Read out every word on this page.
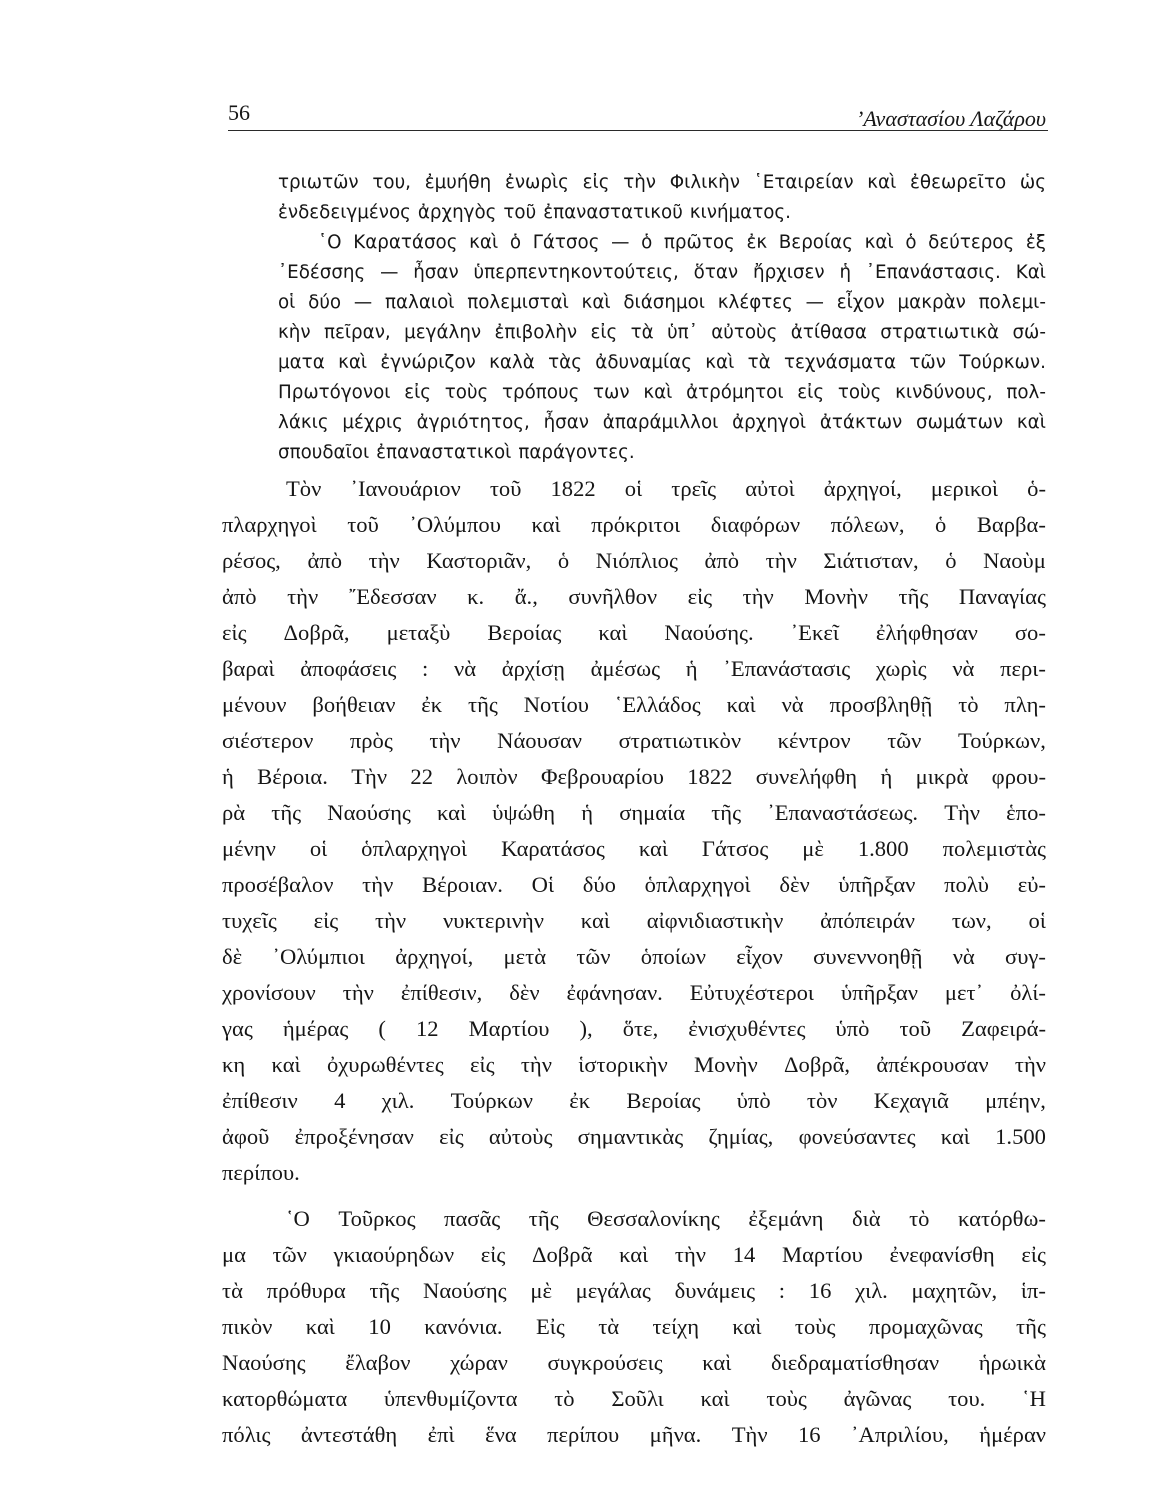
56	’Αναστασίου Λαζάρου
τριωτῶν του, ἐμυήθη ἐνωρὶς εἰς τὴν Φιλικὴν ῾Εταιρείαν καὶ ἐθεωρεῖτο ὡς
ἐνδεδειγμένος ἀρχηγὸς τοῦ ἐπαναστατικοῦ κινήματος.
῾Ο Καρατάσος καὶ ὁ Γάτσος — ὁ πρῶτος ἐκ Βεροίας καὶ ὁ δεύτερος ἐξ
᾿Εδέσσης — ἦσαν ὑπερπεντηκοντούτεις, ὅταν ἤρχισεν ἡ ᾿Επανάστασις. Καὶ
οἱ δύο — παλαιοὶ πολεμισταὶ καὶ διάσημοι κλέφτες — εἶχον μακρὰν πολεμι-
κὴν πεῖραν, μεγάλην ἐπιβολὴν εἰς τὰ ὑπ᾿ αὐτοὺς ἀτίθασα στρατιωτικὰ σώ-
ματα καὶ ἐγνώριζον καλὰ τὰς ἀδυναμίας καὶ τὰ τεχνάσματα τῶν Τούρκων.
Πρωτόγονοι εἰς τοὺς τρόπους των καὶ ἀτρόμητοι εἰς τοὺς κινδύνους, πολ-
λάκις μέχρις ἀγριότητος, ἦσαν ἀπαράμιλλοι ἀρχηγοὶ ἀτάκτων σωμάτων καὶ
σπουδαῖοι ἐπαναστατικοὶ παράγοντες.
Τὸν ᾿Ιανουάριον τοῦ 1822 οἱ τρεῖς αὐτοὶ ἀρχηγοί, μερικοὶ ὁ-
πλαρχηγοὶ τοῦ ᾿Ολύμπου καὶ πρόκριτοι διαφόρων πόλεων, ὁ Βαρβα-
ρέσος, ἀπὸ τὴν Καστοριᾶν, ὁ Νιόπλιος ἀπὸ τὴν Σιάτισταν, ὁ Ναοὺμ
ἀπὸ τὴν ῎Εδεσσαν κ. ἄ., συνῆλθον εἰς τὴν Μονὴν τῆς Παναγίας
εἰς Δοβρᾶ, μεταξὺ Βεροίας καὶ Ναούσης. ᾿Εκεῖ ἐλήφθησαν σο-
βαραὶ ἀποφάσεις : νὰ ἀρχίσῃ ἀμέσως ἡ ᾿Επανάστασις χωρὶς νὰ περι-
μένουν βοήθειαν ἐκ τῆς Νοτίου ῾Ελλάδος καὶ νὰ προσβληθῇ τὸ πλη-
σιέστερον πρὸς τὴν Νάουσαν στρατιωτικὸν κέντρον τῶν Τούρκων,
ἡ Βέροια. Τὴν 22 λοιπὸν Φεβρουαρίου 1822 συνελήφθη ἡ μικρὰ φρου-
ρὰ τῆς Ναούσης καὶ ὑψώθη ἡ σημαία τῆς ᾿Επαναστάσεως. Τὴν ἑπο-
μένην οἱ ὁπλαρχηγοὶ Καρατάσος καὶ Γάτσος μὲ 1.800 πολεμιστὰς
προσέβαλον τὴν Βέροιαν. Οἱ δύο ὁπλαρχηγοὶ δὲν ὑπῆρξαν πολὺ εὐ-
τυχεῖς εἰς τὴν νυκτερινὴν καὶ αἰφνιδιαστικὴν ἀπόπειράν των, οἱ
δὲ ᾿Ολύμπιοι ἀρχηγοί, μετὰ τῶν ὁποίων εἶχον συνεννοηθῇ νὰ συγ-
χρονίσουν τὴν ἐπίθεσιν, δὲν ἐφάνησαν. Εὐτυχέστεροι ὑπῆρξαν μετ᾿ ὀλί-
γας ἡμέρας ( 12 Μαρτίου ), ὅτε, ἐνισχυθέντες ὑπὸ τοῦ Ζαφειρά-
κη καὶ ὀχυρωθέντες εἰς τὴν ἱστορικὴν Μονὴν Δοβρᾶ, ἀπέκρουσαν τὴν
ἐπίθεσιν 4 χιλ. Τούρκων ἐκ Βεροίας ὑπὸ τὸν Κεχαγιᾶ μπέην,
ἀφοῦ ἐπροξένησαν εἰς αὐτοὺς σημαντικὰς ζημίας, φονεύσαντες καὶ 1.500
περίπου.
῾Ο Τοῦρκος πασᾶς τῆς Θεσσαλονίκης ἐξεμάνη διὰ τὸ κατόρθω-
μα τῶν γκιαούρηδων εἰς Δοβρᾶ καὶ τὴν 14 Μαρτίου ἐνεφανίσθη εἰς
τὰ πρόθυρα τῆς Ναούσης μὲ μεγάλας δυνάμεις : 16 χιλ. μαχητῶν, ἱπ-
πικὸν καὶ 10 κανόνια. Εἰς τὰ τείχη καὶ τοὺς προμαχῶνας τῆς
Ναούσης ἔλαβον χώραν συγκρούσεις καὶ διεδραματίσθησαν ἡρωικὰ
κατορθώματα ὑπενθυμίζοντα τὸ Σοῦλι καὶ τοὺς ἀγῶνας του. ῾Η
πόλις ἀντεστάθη ἐπὶ ἕνα περίπου μῆνα. Τὴν 16 ᾿Απριλίου, ἡμέραν
